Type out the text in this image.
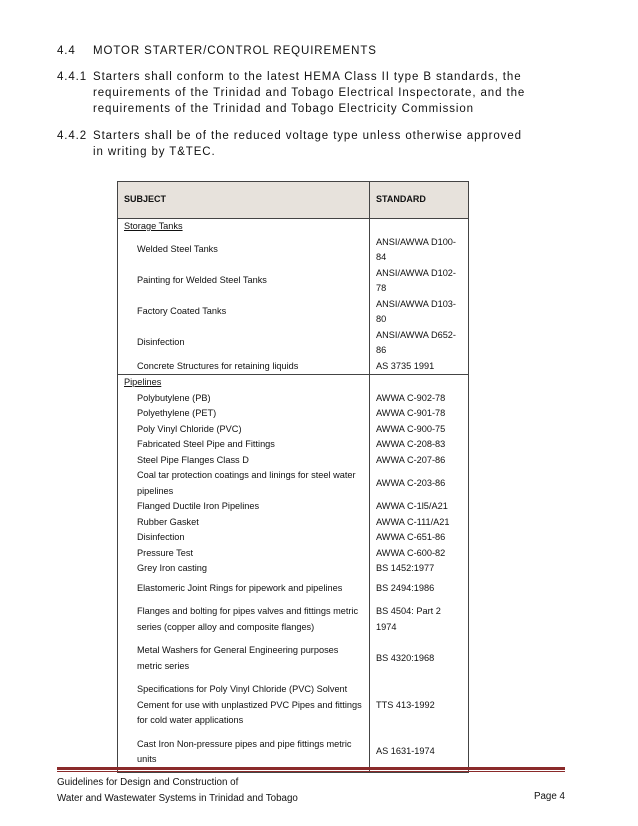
4.4 MOTOR STARTER/CONTROL REQUIREMENTS
4.4.1 Starters shall conform to the latest HEMA Class II type B standards, the requirements of the Trinidad and Tobago Electrical Inspectorate, and the requirements of the Trinidad and Tobago Electricity Commission
4.4.2 Starters shall be of the reduced voltage type unless otherwise approved in writing by T&TEC.
SUBJECT	STANDARD
Storage Tanks	
Welded Steel Tanks	ANSI/AWWA D100-84
Painting for Welded Steel Tanks	ANSI/AWWA D102-78
Factory Coated Tanks	ANSI/AWWA D103-80
Disinfection	ANSI/AWWA D652-86
Concrete Structures for retaining liquids	AS 3735 1991
Pipelines	
Polybutylene (PB)	AWWA C-902-78
Polyethylene (PET)	AWWA C-901-78
Poly Vinyl Chloride (PVC)	AWWA C-900-75
Fabricated Steel Pipe and Fittings	AWWA C-208-83
Steel Pipe Flanges Class D	AWWA C-207-86
Coal tar protection coatings and linings for steel water pipelines	AWWA C-203-86
Flanged Ductile Iron Pipelines	AWWA C-1l5/A21
Rubber Gasket	AWWA C-111/A21
Disinfection	AWWA C-651-86
Pressure Test	AWWA C-600-82
Grey Iron casting	BS 1452:1977
Elastomeric Joint Rings for pipework and pipelines	BS 2494:1986
Flanges and bolting for pipes valves and fittings metric series (copper alloy and composite flanges)	BS 4504: Part 2 1974
Metal Washers for General Engineering purposes metric series	BS 4320:1968
Specifications for Poly Vinyl Chloride (PVC) Solvent Cement for use with unplastized PVC Pipes and fittings for cold water applications	TTS 413-1992
Cast Iron Non-pressure pipes and pipe fittings metric units	AS 1631-1974
Guidelines for Design and Construction of
Water and Wastewater Systems in Trinidad and Tobago	Page 4
